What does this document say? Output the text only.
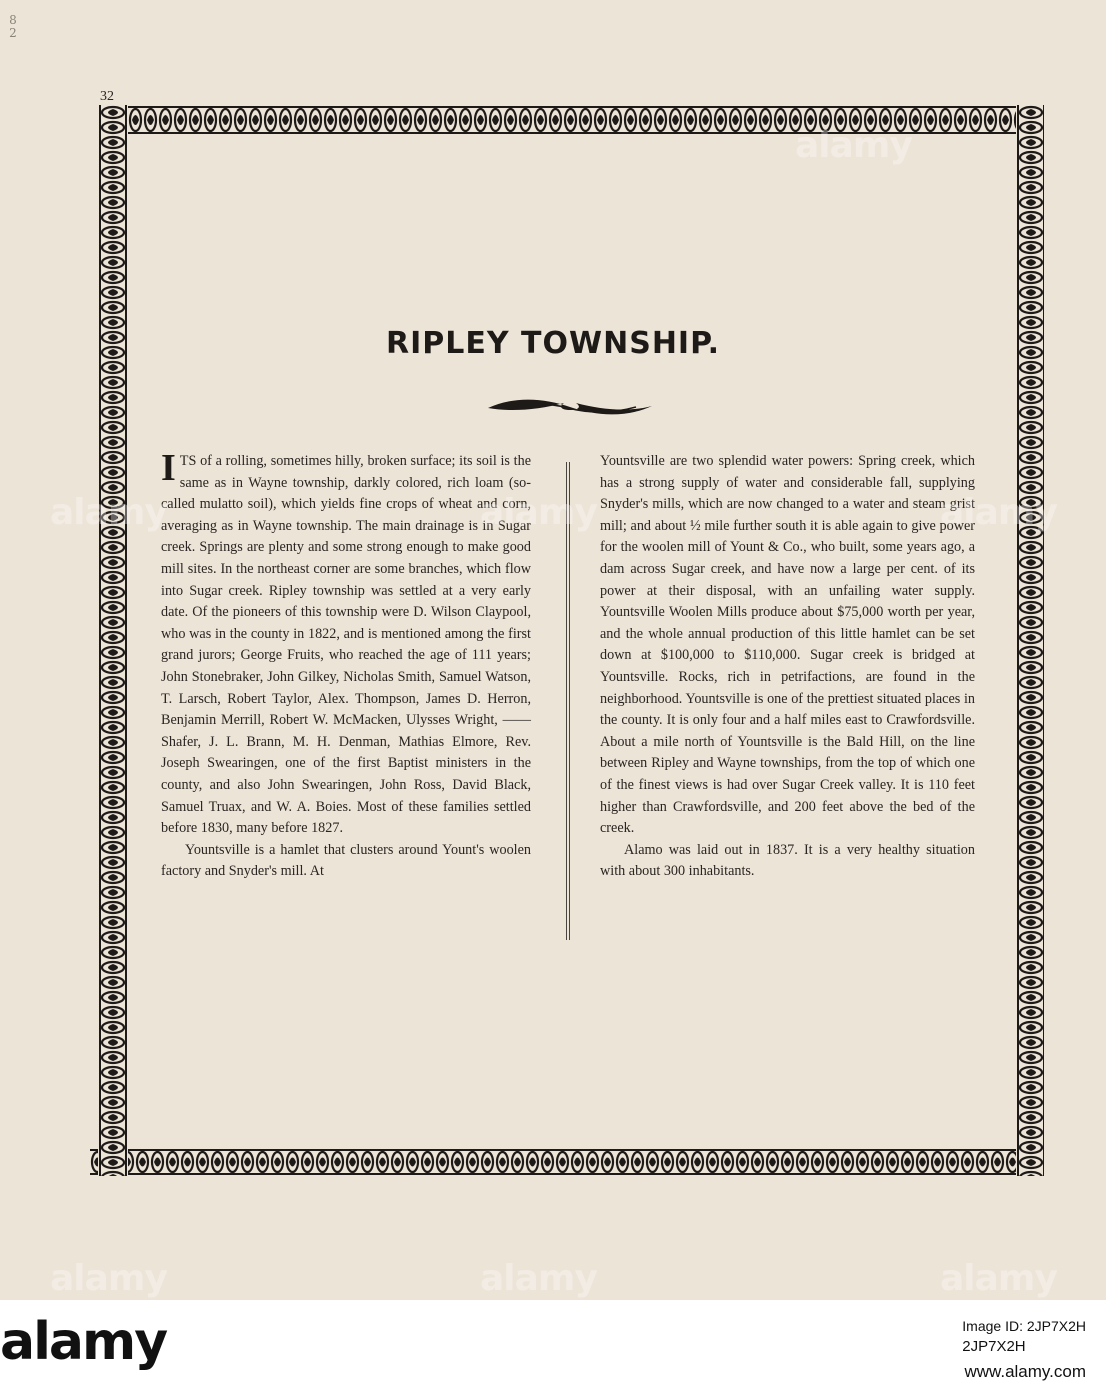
8 2
32
RIPLEY TOWNSHIP.

ITS of a rolling, sometimes hilly, broken surface; its soil is the same as in Wayne township, darkly colored, rich loam (so-called mulatto soil), which yields fine crops of wheat and corn, averaging as in Wayne township. The main drainage is in Sugar creek. Springs are plenty and some strong enough to make good mill sites. In the northeast corner are some branches, which flow into Sugar creek. Ripley township was settled at a very early date. Of the pioneers of this township were D. Wilson Claypool, who was in the county in 1822, and is mentioned among the first grand jurors; George Fruits, who reached the age of 111 years; John Stonebraker, John Gilkey, Nicholas Smith, Samuel Watson, T. Larsch, Robert Taylor, Alex. Thompson, James D. Herron, Benjamin Merrill, Robert W. McMacken, Ulysses Wright, —— Shafer, J. L. Brann, M. H. Denman, Mathias Elmore, Rev. Joseph Swearingen, one of the first Baptist ministers in the county, and also John Swearingen, John Ross, David Black, Samuel Truax, and W. A. Boies. Most of these families settled before 1830, many before 1827.

Yountsville is a hamlet that clusters around Yount's woolen factory and Snyder's mill. At

Yountsville are two splendid water powers: Spring creek, which has a strong supply of water and considerable fall, supplying Snyder's mills, which are now changed to a water and steam grist mill; and about ½ mile further south it is able again to give power for the woolen mill of Yount & Co., who built, some years ago, a dam across Sugar creek, and have now a large per cent. of its power at their disposal, with an unfailing water supply. Yountsville Woolen Mills produce about $75,000 worth per year, and the whole annual production of this little hamlet can be set down at $100,000 to $110,000. Sugar creek is bridged at Yountsville. Rocks, rich in petrifactions, are found in the neighborhood. Yountsville is one of the prettiest situated places in the county. It is only four and a half miles east to Crawfordsville. About a mile north of Yountsville is the Bald Hill, on the line between Ripley and Wayne townships, from the top of which one of the finest views is had over Sugar Creek valley. It is 110 feet higher than Crawfordsville, and 200 feet above the bed of the creek.

Alamo was laid out in 1837. It is a very healthy situation with about 300 inhabitants.

alamy	alamy	alamy
alamy
alamy	alamy	alamy
alamy	Image ID: 2JP7X2H
2JP7X2H
www.alamy.com
